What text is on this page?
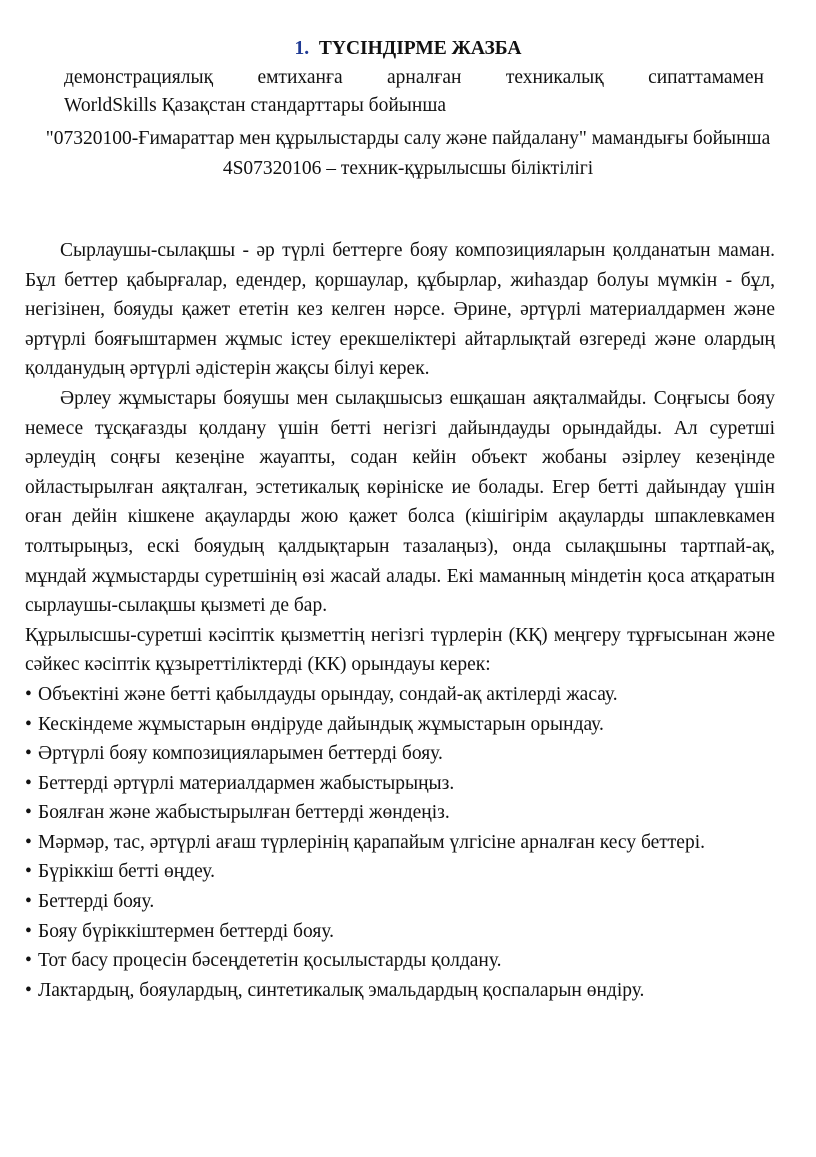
1. ТҮСІНДІРМЕ ЖАЗБА
демонстрациялық емтиханға арналған техникалық сипаттамамен
WorldSkills Қазақстан стандарттары бойынша
"07320100-Ғимараттар мен құрылыстарды салу және пайдалану" мамандығы бойынша 4S07320106 – техник-құрылысшы біліктілігі

Сырлаушы-сылақшы - әр түрлі беттерге бояу композицияларын қолданатын маман. Бұл беттер қабырғалар, едендер, қоршаулар, құбырлар, жиһаздар болуы мүмкін - бұл, негізінен, бояуды қажет ететін кез келген нәрсе. Әрине, әртүрлі материалдармен және әртүрлі бояғыштармен жұмыс істеу ерекшеліктері айтарлықтай өзгереді және олардың қолданудың әртүрлі әдістерін жақсы білуі керек.

Әрлеу жұмыстары бояушы мен сылақшысыз ешқашан аяқталмайды. Соңғысы бояу немесе тұсқағазды қолдану үшін бетті негізгі дайындауды орындайды. Ал суретші әрлеудің соңғы кезеңіне жауапты, содан кейін объект жобаны әзірлеу кезеңінде ойластырылған аяқталған, эстетикалық көрініске ие болады. Егер бетті дайындау үшін оған дейін кішкене ақауларды жою қажет болса (кішігірім ақауларды шпаклевкамен толтырыңыз, ескі бояудың қалдықтарын тазалаңыз), онда сылақшыны тартпай-ақ, мұндай жұмыстарды суретшінің өзі жасай алады. Екі маманның міндетін қоса атқаратын сырлаушы-сылақшы қызметі де бар.

Құрылысшы-суретші кәсіптік қызметтің негізгі түрлерін (КҚ) меңгеру тұрғысынан және сәйкес кәсіптік құзыреттіліктерді (КК) орындауы керек:

• Объектіні және бетті қабылдауды орындау, сондай-ақ актілерді жасау.
• Кескіндеме жұмыстарын өндіруде дайындық жұмыстарын орындау.
• Әртүрлі бояу композицияларымен беттерді бояу.
• Беттерді әртүрлі материалдармен жабыстырыңыз.
• Боялған және жабыстырылған беттерді жөндеңіз.
• Мәрмәр, тас, әртүрлі ағаш түрлерінің қарапайым үлгісіне арналған кесу беттері.
• Бүріккіш бетті өңдеу.
• Беттерді бояу.
• Бояу бүріккіштермен беттерді бояу.
• Тот басу процесін бәсеңдететін қосылыстарды қолдану.
• Лактардың, бояулардың, синтетикалық эмальдардың қоспаларын өндіру.
